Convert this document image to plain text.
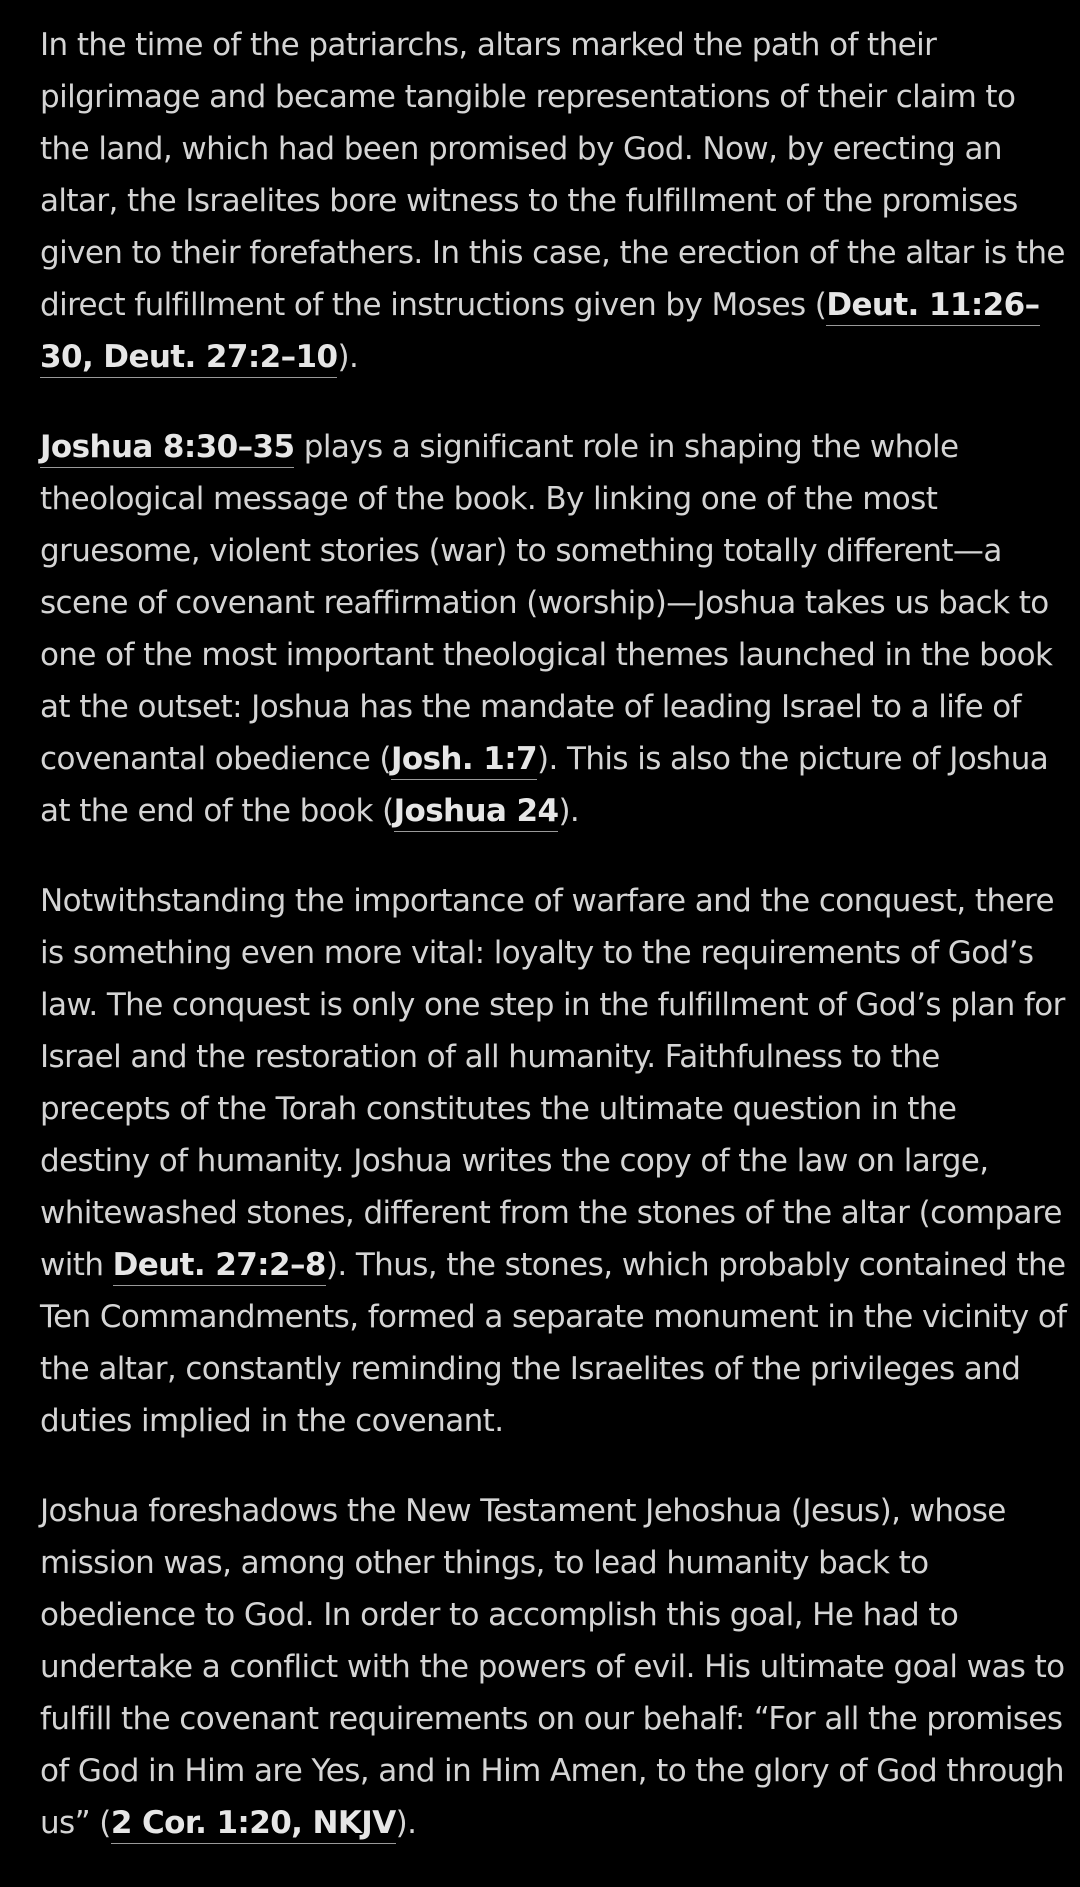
In the time of the patriarchs, altars marked the path of their pilgrimage and became tangible representations of their claim to the land, which had been promised by God. Now, by erecting an altar, the Israelites bore witness to the fulfillment of the promises given to their forefathers. In this case, the erection of the altar is the direct fulfillment of the instructions given by Moses (Deut. 11:26–30, Deut. 27:2–10).

Joshua 8:30–35 plays a significant role in shaping the whole theological message of the book. By linking one of the most gruesome, violent stories (war) to something totally different—a scene of covenant reaffirmation (worship)—Joshua takes us back to one of the most important theological themes launched in the book at the outset: Joshua has the mandate of leading Israel to a life of covenantal obedience (Josh. 1:7). This is also the picture of Joshua at the end of the book (Joshua 24).

Notwithstanding the importance of warfare and the conquest, there is something even more vital: loyalty to the requirements of God’s law. The conquest is only one step in the fulfillment of God’s plan for Israel and the restoration of all humanity. Faithfulness to the precepts of the Torah constitutes the ultimate question in the destiny of humanity. Joshua writes the copy of the law on large, whitewashed stones, different from the stones of the altar (compare with Deut. 27:2–8). Thus, the stones, which probably contained the Ten Commandments, formed a separate monument in the vicinity of the altar, constantly reminding the Israelites of the privileges and duties implied in the covenant.

Joshua foreshadows the New Testament Jehoshua (Jesus), whose mission was, among other things, to lead humanity back to obedience to God. In order to accomplish this goal, He had to undertake a conflict with the powers of evil. His ultimate goal was to fulfill the covenant requirements on our behalf: “For all the promises of God in Him are Yes, and in Him Amen, to the glory of God through us” (2 Cor. 1:20, NKJV).
